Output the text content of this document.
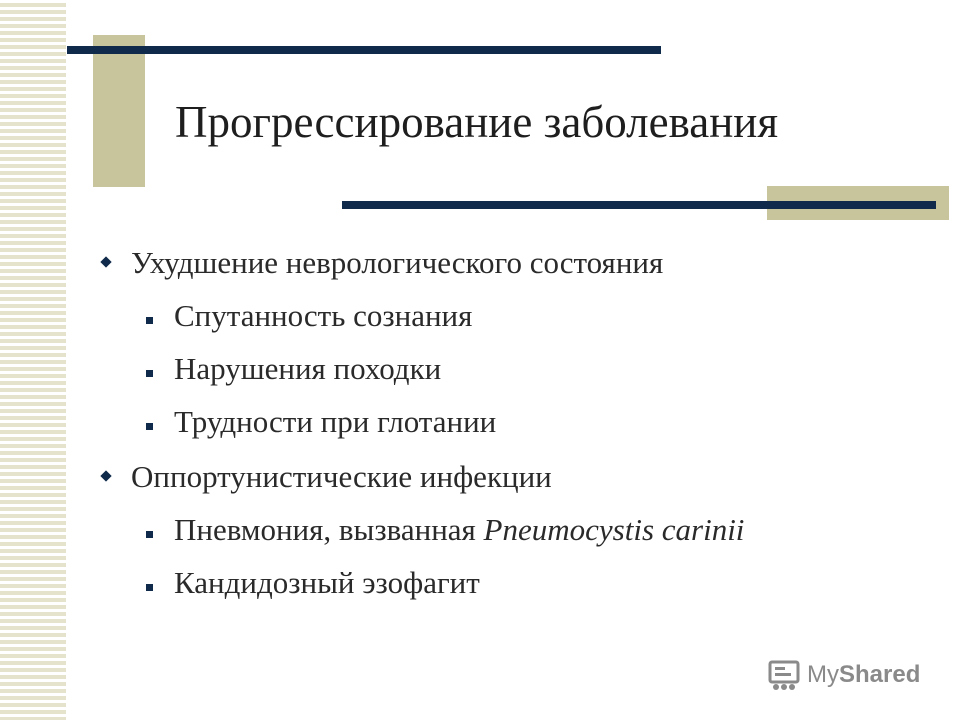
Прогрессирование заболевания
Ухудшение неврологического состояния
Спутанность сознания
Нарушения походки
Трудности при глотании
Оппортунистические инфекции
Пневмония, вызванная Pneumocystis carinii
Кандидозный эзофагит
MyShared
